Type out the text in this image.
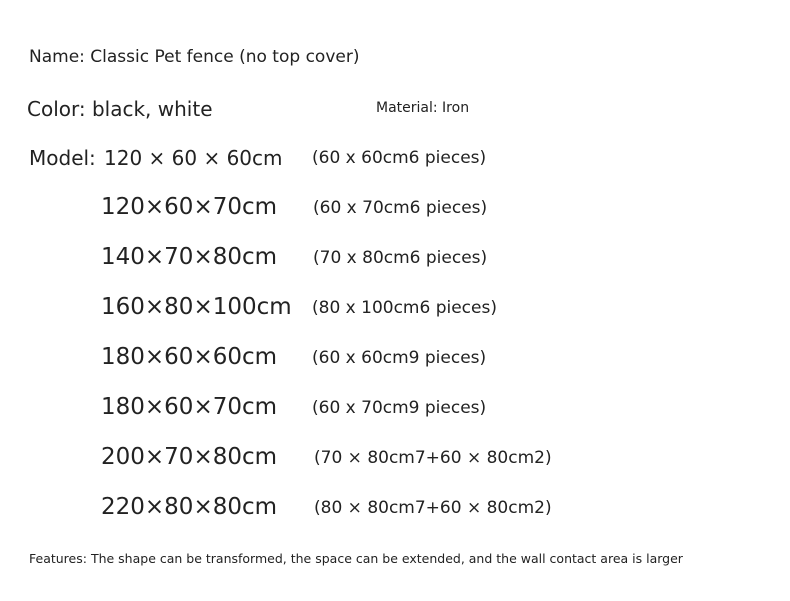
Name: Classic Pet fence (no top cover)
Color: black, white	Material: Iron
Model: 120 × 60 × 60cm (60 x 60cm6 pieces)
120×60×70cm (60 x 70cm6 pieces)
140×70×80cm (70 x 80cm6 pieces)
160×80×100cm (80 x 100cm6 pieces)
180×60×60cm (60 x 60cm9 pieces)
180×60×70cm (60 x 70cm9 pieces)
200×70×80cm (70 × 80cm7+60 × 80cm2)
220×80×80cm (80 × 80cm7+60 × 80cm2)
Features: The shape can be transformed, the space can be extended, and the wall contact area is larger
